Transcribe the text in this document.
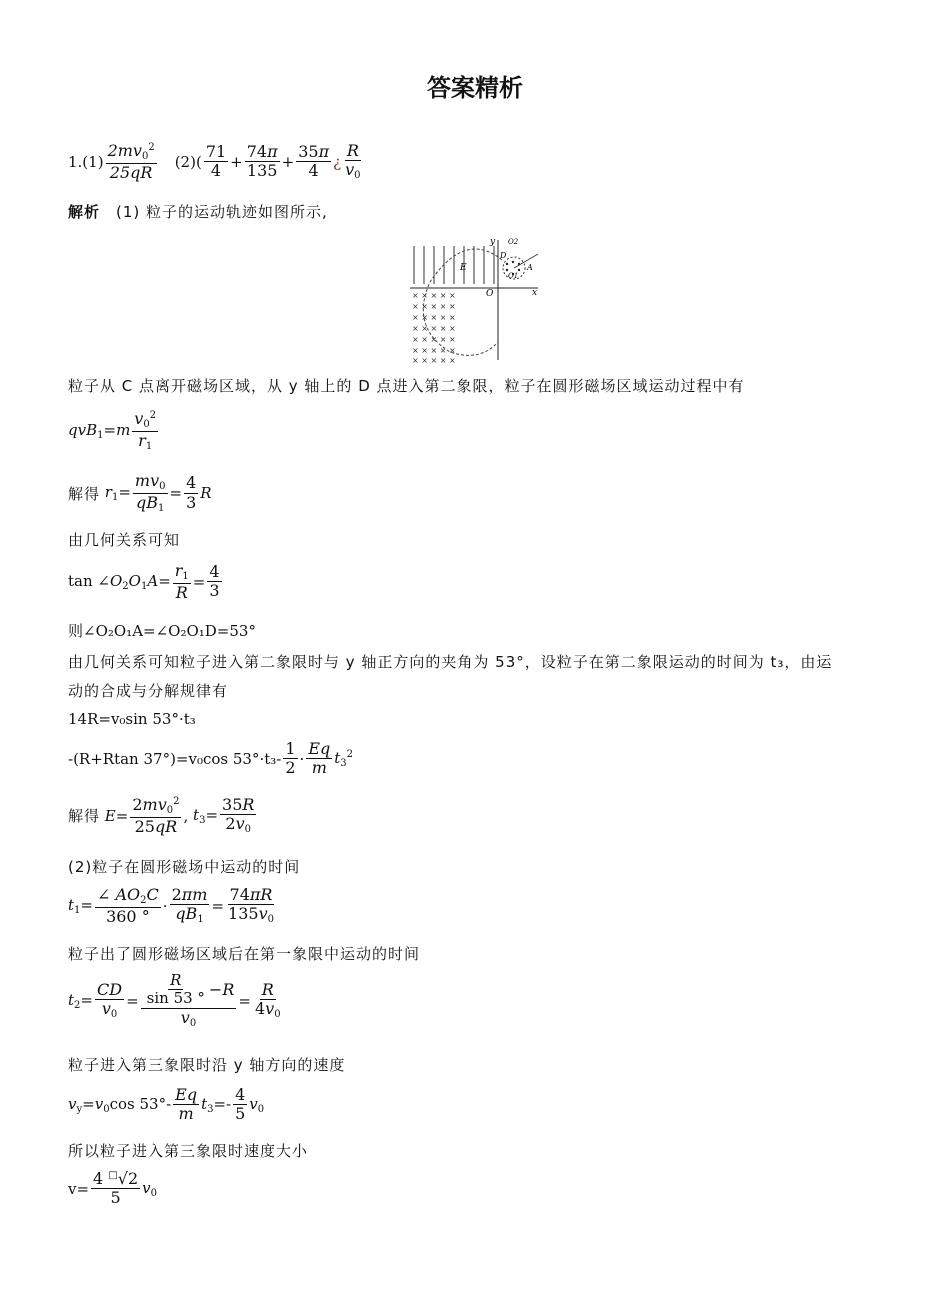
答案精析
$1.(1) \frac{2mv_0^2}{25qR} (2)( \frac{71}{4} + \frac{74\pi}{135} + \frac{35\pi}{4}$ ¿ $\frac{R}{v_0}$
解析 (1) 粒子的运动轨迹如图所示,
x
y
O
E
× × × × ×
× × × × ×
× × × × ×
× × × × ×
× × × × ×
× × × × ×
× × × × ×
D
A
O2
O1
粒子从 C 点离开磁场区域，从 y 轴上的 D 点进入第二象限，粒子在圆形磁场区域运动过程中有
$qvB_1=m \frac{v_0^2}{r_1}$
解得
$r_1= \frac{mv_0}{qB_1} = \frac{4}{3}$ R
由几何关系可知
$\tan \angle O_2O_1A= \frac{r_1}{R} = \frac{4}{3}$
则∠O₂O₁A=∠O₂O₁D=53°
由几何关系可知粒子进入第二象限时与 y 轴正方向的夹角为 53°，设粒子在第二象限运动的时间为 t₃，由运
动的合成与分解规律有
14R=v₀sin 53°·t₃
-(R+Rtan 37°)=v₀cos $53^\circ\cdot t_3- \frac{1}{2} \cdot \frac{Eq}{m} t_3^2$
解得
$E= \frac{2mv_0^2}{25qR}$ , $t_3= \frac{35R}{2v_0}$
(2)粒子在圆形磁场中运动的时间
$t_1= \frac{\angle AO_2C}{360 ^\circ} \cdot \frac{2\pi m}{qB_1} = \frac{74\pi R}{135v_0}$
粒子出了圆形磁场区域后在第一象限中运动的时间
$t_2= \frac{CD}{v_0} = \frac{\frac{R}{\sin 53 ^\circ} - R}{v_0} = \frac{R}{4v_0}$
粒子进入第三象限时沿 y 轴方向的速度
$v_y=v_0\cos$ $53^\circ- \frac{Eq}{m} t_3=- \frac{4}{5} v_0$
所以粒子进入第三象限时速度大小
$v= \frac{4 ^□√2}{5} v_0$
